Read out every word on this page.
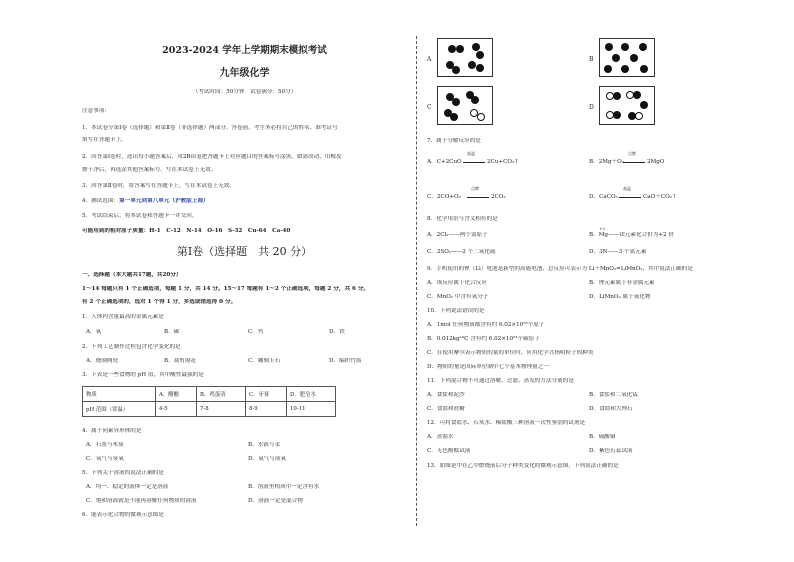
2023-2024 学年上学期期末模拟考试
九年级化学
（考试时间：50分钟　试卷满分：50分）
注意事项：
1．本试卷分第Ⅰ卷（选择题）和第Ⅱ卷（非选择题）两部分。答卷前，考生务必将自己的姓名、准考证号
填写在答题卡上。
2．回答第Ⅰ卷时，选出每小题答案后，用2B铅笔把答题卡上对应题目的答案标号涂黑。如需改动，用橡皮
擦干净后，再选涂其他答案标号。写在本试卷上无效。
3．回答第Ⅱ卷时，将答案写在答题卡上。写在本试卷上无效。
4．测试范围：第一单元到第八单元（沪教版上海）
5．考试结束后，将本试卷和答题卡一并交回。
可能用到的相对原子质量：H-1　C-12　N-14　O-16　S-32　Cu-64　Ca-40
第Ⅰ卷（选择题　共 20 分）
一、选择题（本大题共17题，共20分）
1～14 每题只有 1 个正确选项，每题 1 分，共 14 分。15～17 每题有 1～2 个正确选项，每题 2 分，共 6 分。
有 2 个正确选项的，选对 1 个得 1 分，多选或错选得 0 分。
1．人体内含量最高的金属元素是
A．氧	B．碳	C．钙	D．铁
2．下列工艺制作过程包含化学变化的是
A．烧制陶瓷	B．裁剪窗花	C．雕刻玉石	D．编织竹篮
3．下表是一些食物的 pH 值，其中酸性最强的是
物质	A．醋酸	B．鸡蛋清	C．牙膏	D．肥皂水
pH 范围（常温）	4-5	7-8	8-9	10-11
4．属于同素异形体的是
A．石墨与木炭	B．水银与汞
C．氧气与臭氧	D．氧气与液氧
5．下列关于溶液的说法正确的是
A．均一、稳定的液体一定是溶液	B．溶液里构成中一定含有水
C．饱和溶液就是不能再溶解任何物质的溶液	D．溶液一定是混合物
6．能表示化合物的微观示意图是
A	B
C	D
7．属于分解反应的是
A．C+2CuO
高温
2Cu+CO₂↑	B．2Mg＋O₂
点燃
2MgO
C．2CO+O₂
点燃
2CO₂	D．CaCO₃
高温
CaO＋CO₂↑
8．化学用语与含义相符的是
A．2Cl₂——两个氯原子
+2
B．Mg——镁元素化合价为+2 价
C．2SO₂——2 个二氧化硫	D．3N——3 个氮元素
9．手机使用的锂（Li）电池是新型的高能电池，总反应可表示为 Li＋MnO₂=LiMnO₂，其中说法正确的是
A．该反应属于化合反应	B．锂元素属于非金属元素
C．MnO₂ 中含有氧分子	D．LiMnO₂ 属于氧化物
10．下列说法错误的是
A．1mol 任何物质都含有约 6.02×10²³个原子
B．0.012kg¹²C 含有约 6.02×10²³个碳原子
C．在使用摩尔表示物质的量的单位时，应用化学式指明粒子的种类
D．物质的量是国际单位制中七个基本物理量之一
11．下列混合物不可通过溶解、过滤、蒸发的方法分离的是
A．食盐和泥沙	B．食盐和二氧化锰
C．食盐和蔗糖	D．食盐和大理石
12．可将食盐水、石灰水、稀盐酸三种溶液一次性鉴别的试剂是
A．蒸馏水	B．硫酸铜
C．无色酚酞试液	D．紫色石蕊试液
13．如图是甲在乙中燃烧前后分子种类变化的微观示意图，下列说法正确的是
